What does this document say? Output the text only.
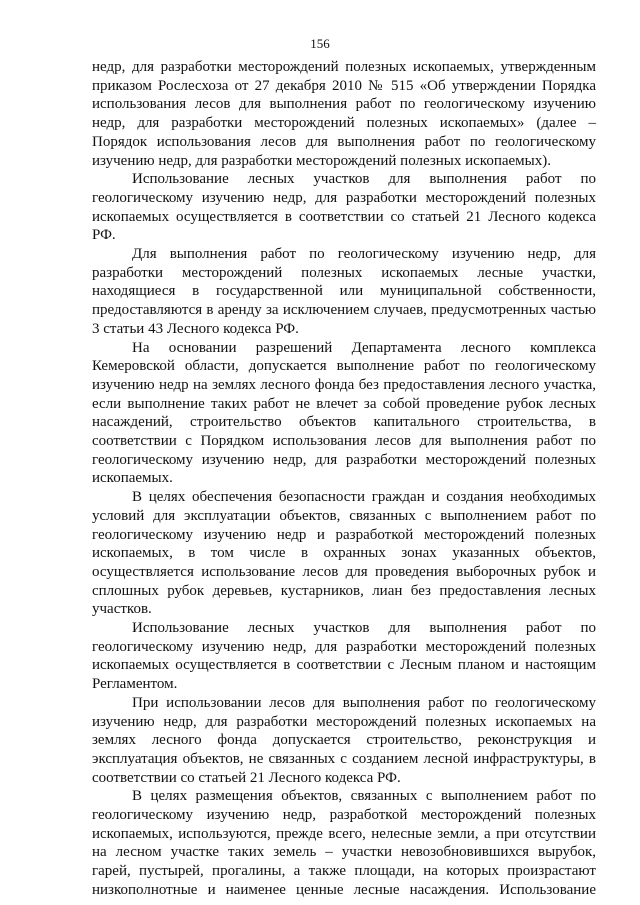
156
недр, для разработки месторождений полезных ископаемых, утвержденным
приказом Рослесхоза от 27 декабря 2010 № 515 «Об утверждении Порядка
использования лесов для выполнения работ по геологическому изучению
недр, для разработки месторождений полезных ископаемых» (далее –
Порядок использования лесов для выполнения работ по геологическому
изучению недр, для разработки месторождений полезных ископаемых).
Использование лесных участков для выполнения работ по
геологическому изучению недр, для разработки месторождений полезных
ископаемых осуществляется в соответствии со статьей 21 Лесного кодекса
РФ.
Для выполнения работ по геологическому изучению недр, для
разработки месторождений полезных ископаемых лесные участки,
находящиеся в государственной или муниципальной собственности,
предоставляются в аренду за исключением случаев, предусмотренных частью
3 статьи 43 Лесного кодекса РФ.
На основании разрешений Департамента лесного комплекса
Кемеровской области, допускается выполнение работ по геологическому
изучению недр на землях лесного фонда без предоставления лесного участка,
если выполнение таких работ не влечет за собой проведение рубок лесных
насаждений, строительство объектов капитального строительства, в
соответствии с Порядком использования лесов для выполнения работ по
геологическому изучению недр, для разработки месторождений полезных
ископаемых.
В целях обеспечения безопасности граждан и создания необходимых
условий для эксплуатации объектов, связанных с выполнением работ по
геологическому изучению недр и разработкой месторождений полезных
ископаемых, в том числе в охранных зонах указанных объектов,
осуществляется использование лесов для проведения выборочных рубок и
сплошных рубок деревьев, кустарников, лиан без предоставления лесных
участков.
Использование лесных участков для выполнения работ по
геологическому изучению недр, для разработки месторождений полезных
ископаемых осуществляется в соответствии с Лесным планом и настоящим
Регламентом.
При использовании лесов для выполнения работ по геологическому
изучению недр, для разработки месторождений полезных ископаемых на
землях лесного фонда допускается строительство, реконструкция и
эксплуатация объектов, не связанных с созданием лесной инфраструктуры, в
соответствии со статьей 21 Лесного кодекса РФ.
В целях размещения объектов, связанных с выполнением работ по
геологическому изучению недр, разработкой месторождений полезных
ископаемых, используются, прежде всего, нелесные земли, а при отсутствии
на лесном участке таких земель – участки невозобновившихся вырубок,
гарей, пустырей, прогалины, а также площади, на которых произрастают
низкополнотные и наименее ценные лесные насаждения. Использование
